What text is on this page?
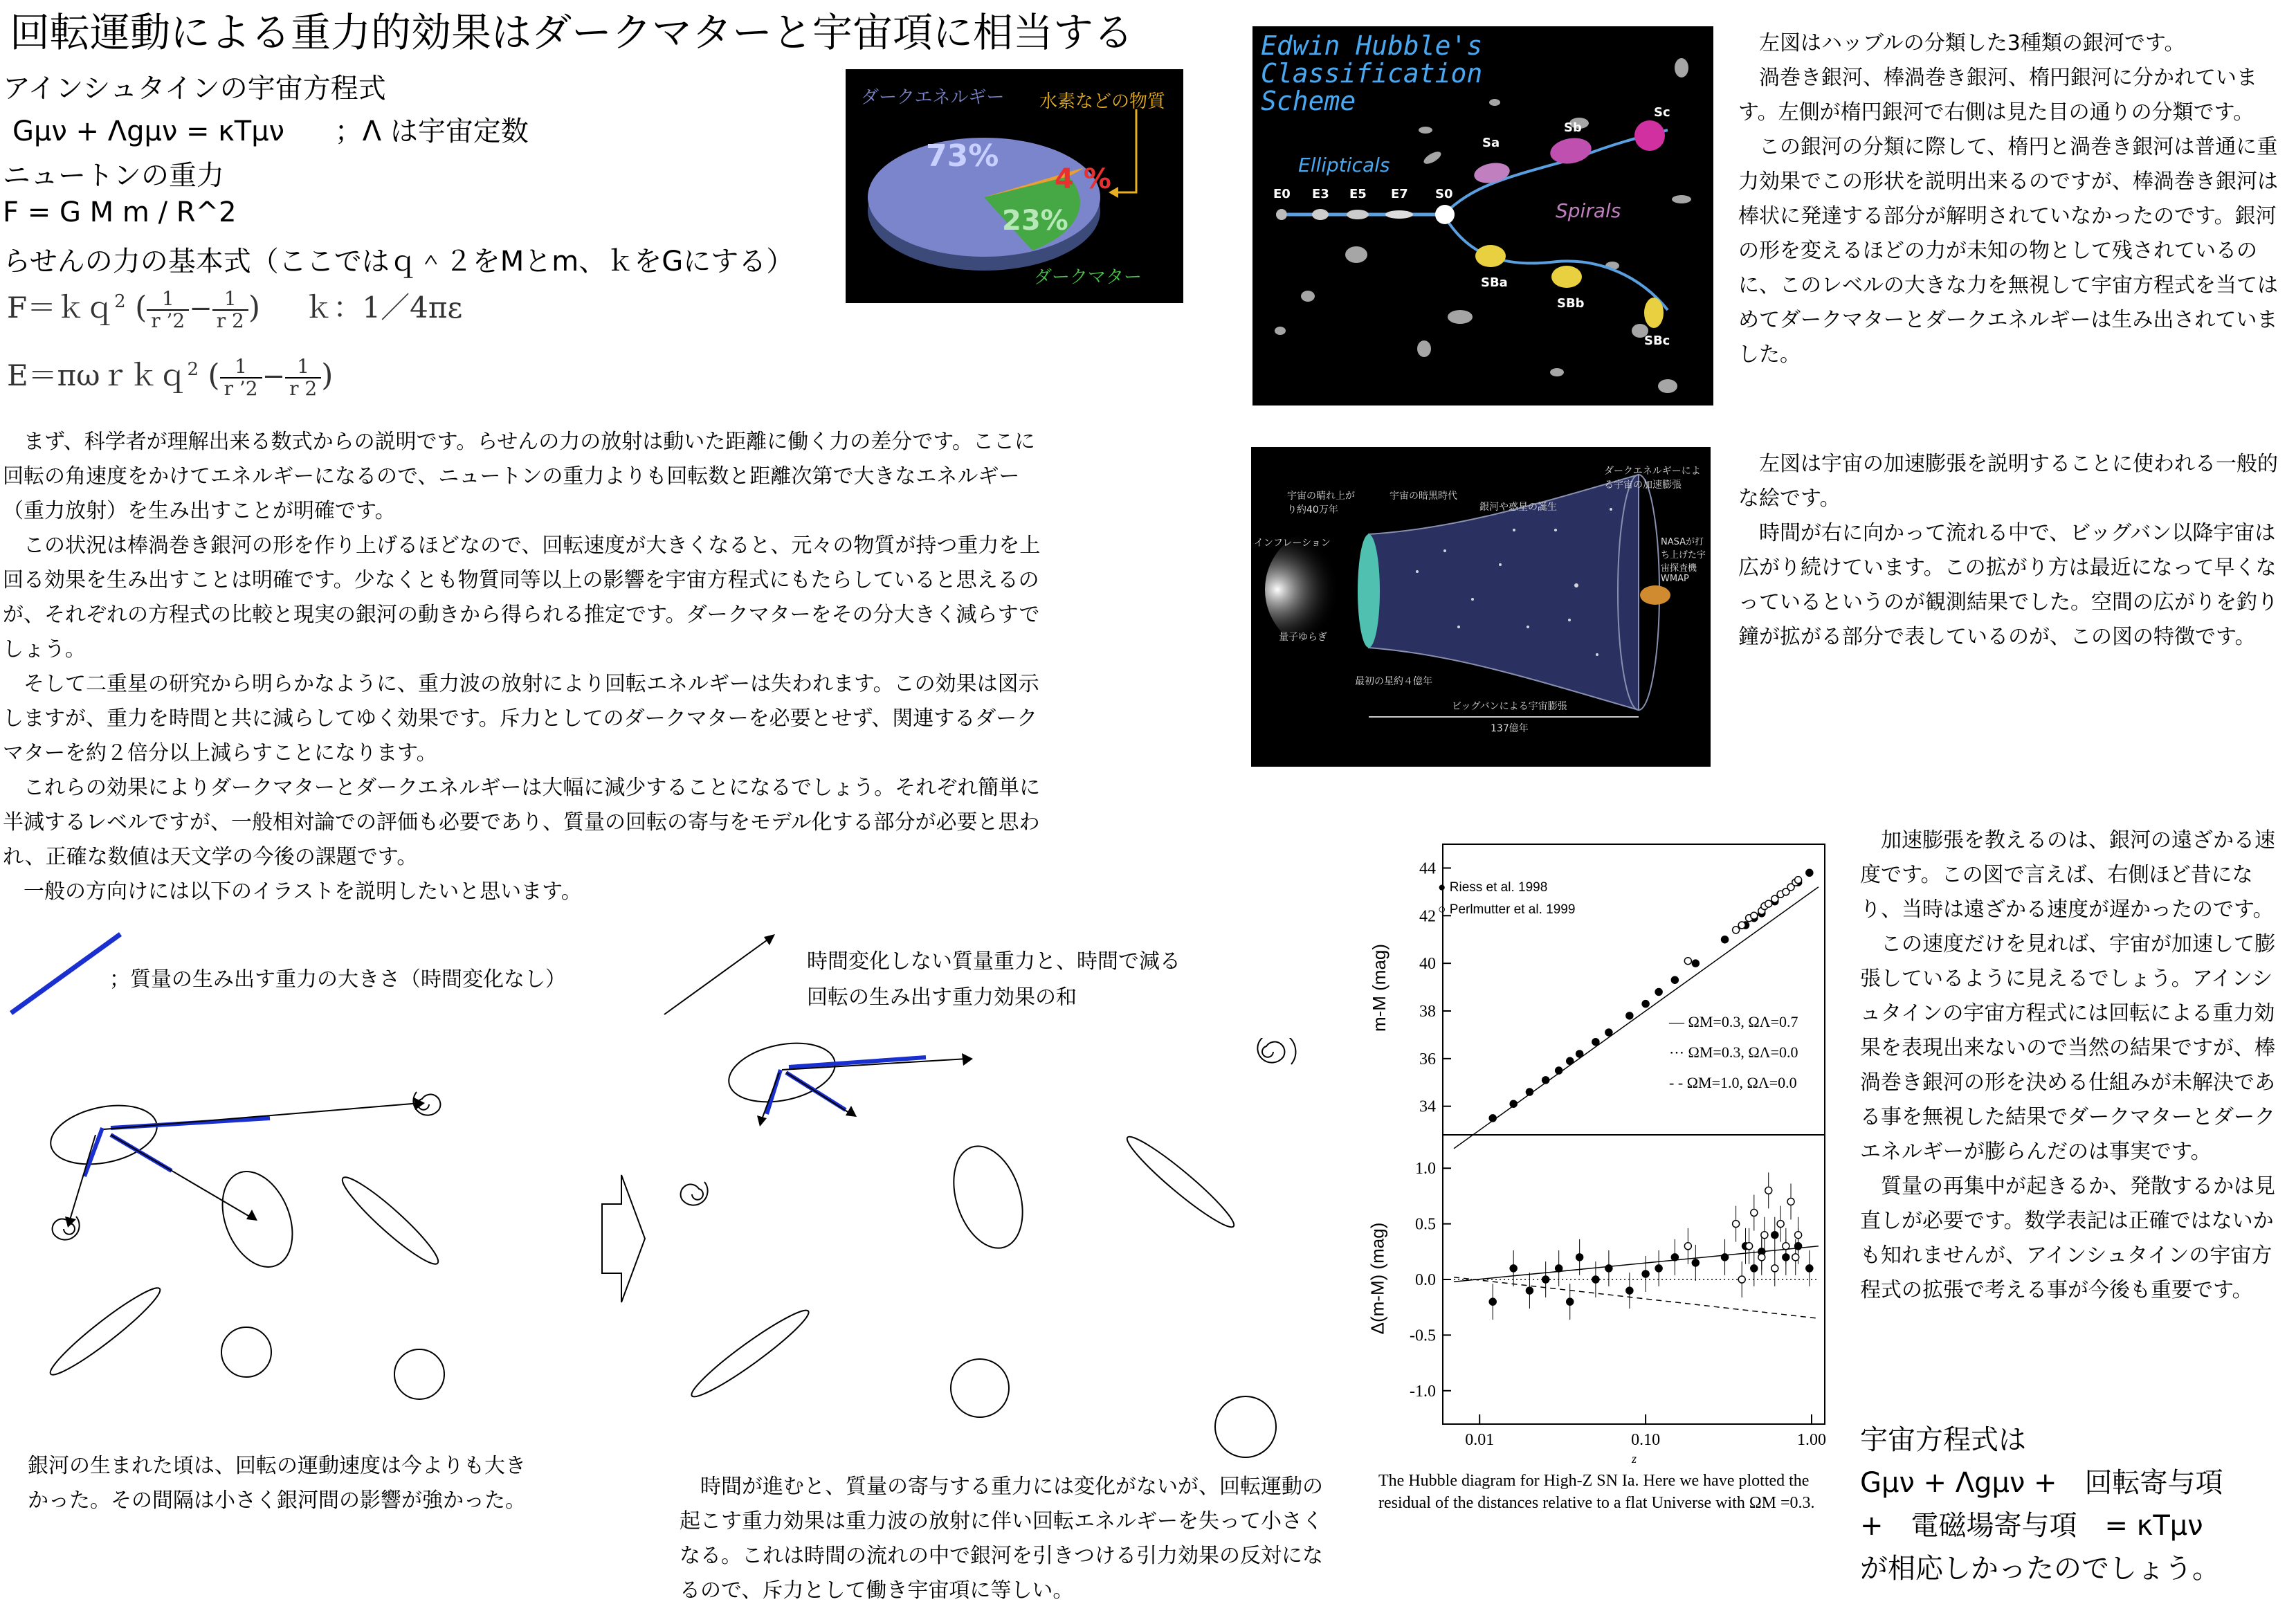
回転運動による重力的効果はダークマターと宇宙項に相当する
アインシュタインの宇宙方程式
Gμν + Λgμν = κTμν ；Λ は宇宙定数
ニュートンの重力
F = G M m / R^2
らせんの力の基本式（ここではｑ＾２をMとm、ｋをGにする）
F＝ｋｑ$^2$ ( $\frac{1}{r ’2} - \frac{1}{r 2}$ ) ｋ：1／4πε
E＝πωｒｋｑ$^2$ ( $\frac{1}{r ’2} - \frac{1}{r 2}$ )
ダークエネルギー 水素などの物質
73%
4 %
23%
ダークマター

まず、科学者が理解出来る数式からの説明です。らせんの力の放射は動いた距離に働く力の差分です。ここに回転の角速度をかけてエネルギーになるので、ニュートンの重力よりも回転数と距離次第で大きなエネルギー（重力放射）を生み出すことが明確です。

この状況は棒渦巻き銀河の形を作り上げるほどなので、回転速度が大きくなると、元々の物質が持つ重力を上回る効果を生み出すことは明確です。少なくとも物質同等以上の影響を宇宙方程式にもたらしていると思えるのが、それぞれの方程式の比較と現実の銀河の動きから得られる推定です。ダークマターをその分大きく減らすでしょう。

そして二重星の研究から明らかなように、重力波の放射により回転エネルギーは失われます。この効果は図示しますが、重力を時間と共に減らしてゆく効果です。斥力としてのダークマターを必要とせず、関連するダークマターを約２倍分以上減らすことになります。

これらの効果によりダークマターとダークエネルギーは大幅に減少することになるでしょう。それぞれ簡単に半減するレベルですが、一般相対論での評価も必要であり、質量の回転の寄与をモデル化する部分が必要と思われ、正確な数値は天文学の今後の課題です。

一般の方向けには以下のイラストを説明したいと思います。

；質量の生み出す重力の大きさ（時間変化なし）
時間変化しない質量重力と、時間で減る
回転の生み出す重力効果の和
銀河の生まれた頃は、回転の運動速度は今よりも大きかった。その間隔は小さく銀河間の影響が強かった。
時間が進むと、質量の寄与する重力には変化がないが、回転運動の起こす重力効果は重力波の放射に伴い回転エネルギーを失って小さくなる。これは時間の流れの中で銀河を引きつける引力効果の反対になるので、斥力として働き宇宙項に等しい。
Edwin Hubble's
Classification
Scheme
Ellipticals
Spirals
E0 E3 E5 E7 S0
Sa
Sb
Sc
SBa
SBb
SBc

左図はハッブルの分類した3種類の銀河です。

渦巻き銀河、棒渦巻き銀河、楕円銀河に分かれています。左側が楕円銀河で右側は見た目の通りの分類です。

この銀河の分類に際して、楕円と渦巻き銀河は普通に重力効果でこの形状を説明出来るのですが、棒渦巻き銀河は棒状に発達する部分が解明されていなかったのです。銀河の形を変えるほどの力が未知の物として残されているのに、このレベルの大きな力を無視して宇宙方程式を当てはめてダークマターとダークエネルギーは生み出されていました。

宇宙の晴れ上がり約40万年
宇宙の暗黒時代
銀河や惑星の誕生
ダークエネルギーによる宇宙の加速膨張
インフレーション
量子ゆらぎ
最初の星約４億年
NASAが打ち上げた宇宙探査機WMAP
ビッグバンによる宇宙膨張
137億年

左図は宇宙の加速膨張を説明することに使われる一般的な絵です。

時間が右に向かって流れる中で、ビッグバン以降宇宙は広がり続けています。この拡がり方は最近になって早くなっているというのが観測結果でした。空間の広がりを釣り鐘が拡がる部分で表しているのが、この図の特徴です。

44
42
40
38
36
34
1.0
0.5
0.0
-0.5
-1.0
0.01	0.10	1.00
● Riess et al. 1998
○ Perlmutter et al. 1999
— ΩM=0.3, ΩΛ=0.7
⋯ ΩM=0.3, ΩΛ=0.0
- - ΩM=1.0, ΩΛ=0.0
m-M (mag)
Δ(m-M) (mag)
z
The Hubble diagram for High-Z SN Ia. Here we have plotted the residual of the distances relative to a flat Universe with ΩM =0.3.

加速膨張を教えるのは、銀河の遠ざかる速度です。この図で言えば、右側ほど昔になり、当時は遠ざかる速度が遅かったのです。

この速度だけを見れば、宇宙が加速して膨張しているように見えるでしょう。アインシュタインの宇宙方程式には回転による重力効果を表現出来ないので当然の結果ですが、棒渦巻き銀河の形を決める仕組みが未解決である事を無視した結果でダークマターとダークエネルギーが膨らんだのは事実です。

質量の再集中が起きるか、発散するかは見直しが必要です。数学表記は正確ではないかも知れませんが、アインシュタインの宇宙方程式の拡張で考える事が今後も重要です。

宇宙方程式は
Gμν + Λgμν +　回転寄与項
+　電磁場寄与項　= κTμν
が相応しかったのでしょう。
